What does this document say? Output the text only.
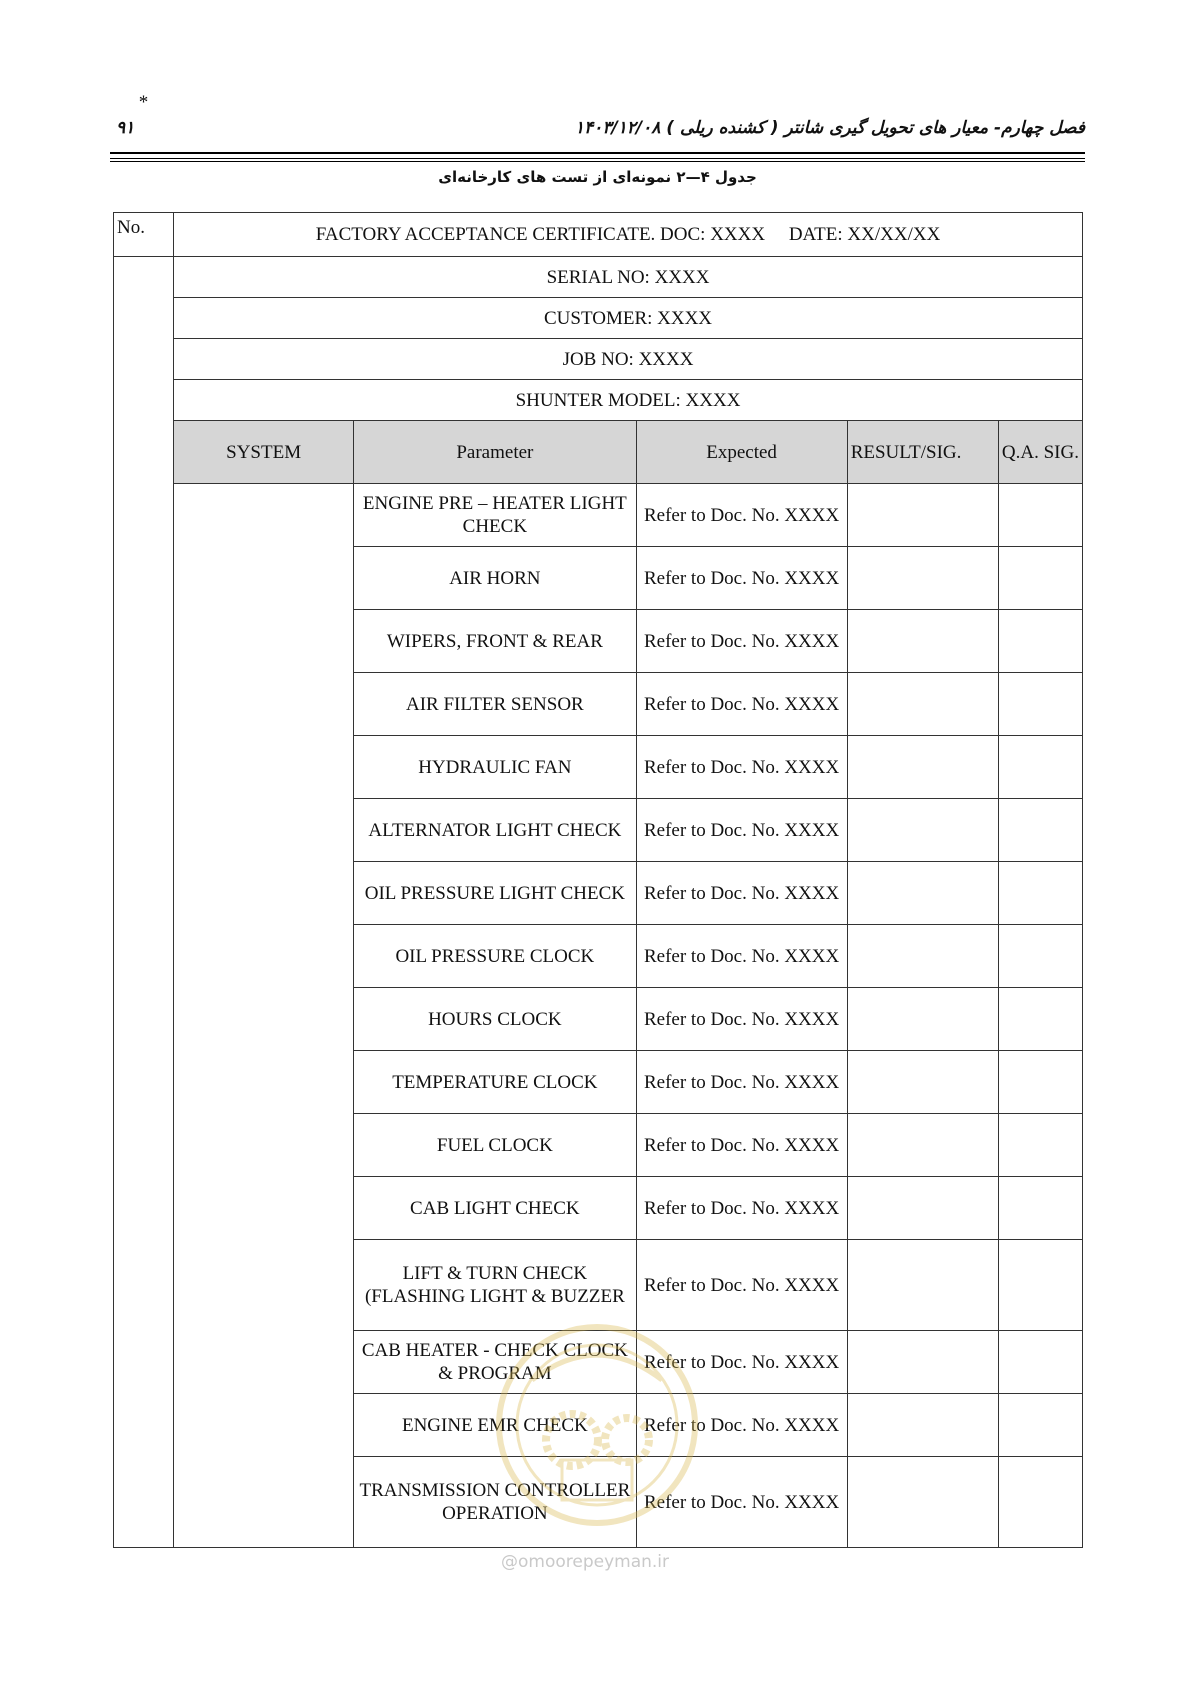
فصل چهارم- معیار های تحویل گیری شانتر ( کشنده ریلی ) ۱۴۰۳/۱۲/۰۸
۹۱
جدول ۴—۲ نمونه‌ای از تست های کارخانه‌ای
No.	FACTORY ACCEPTANCE CERTIFICATE. DOC: XXXX     DATE: XX/XX/XX				

*	SERIAL NO: XXXX				
	CUSTOMER: XXXX				
	JOB NO: XXXX				
	SHUNTER MODEL: XXXX				
	SYSTEM	Parameter	Expected	RESULT/SIG.	Q.A. SIG.
		ENGINE PRE – HEATER LIGHT CHECK	Refer to Doc. No. XXXX		
		AIR HORN	Refer to Doc. No. XXXX		
		WIPERS, FRONT & REAR	Refer to Doc. No. XXXX		
		AIR FILTER SENSOR	Refer to Doc. No. XXXX		
		HYDRAULIC FAN	Refer to Doc. No. XXXX		
		ALTERNATOR LIGHT CHECK	Refer to Doc. No. XXXX		
		OIL PRESSURE LIGHT CHECK	Refer to Doc. No. XXXX		
		OIL PRESSURE CLOCK	Refer to Doc. No. XXXX		
		HOURS CLOCK	Refer to Doc. No. XXXX		
		TEMPERATURE CLOCK	Refer to Doc. No. XXXX		
		FUEL CLOCK	Refer to Doc. No. XXXX		
		CAB LIGHT CHECK	Refer to Doc. No. XXXX		
		LIFT & TURN CHECK (FLASHING LIGHT & BUZZER	Refer to Doc. No. XXXX		
		CAB HEATER - CHECK CLOCK & PROGRAM	Refer to Doc. No. XXXX		
		ENGINE EMR CHECK	Refer to Doc. No. XXXX		
		TRANSMISSION CONTROLLER OPERATION	Refer to Doc. No. XXXX		
@omoorepeyman.ir
